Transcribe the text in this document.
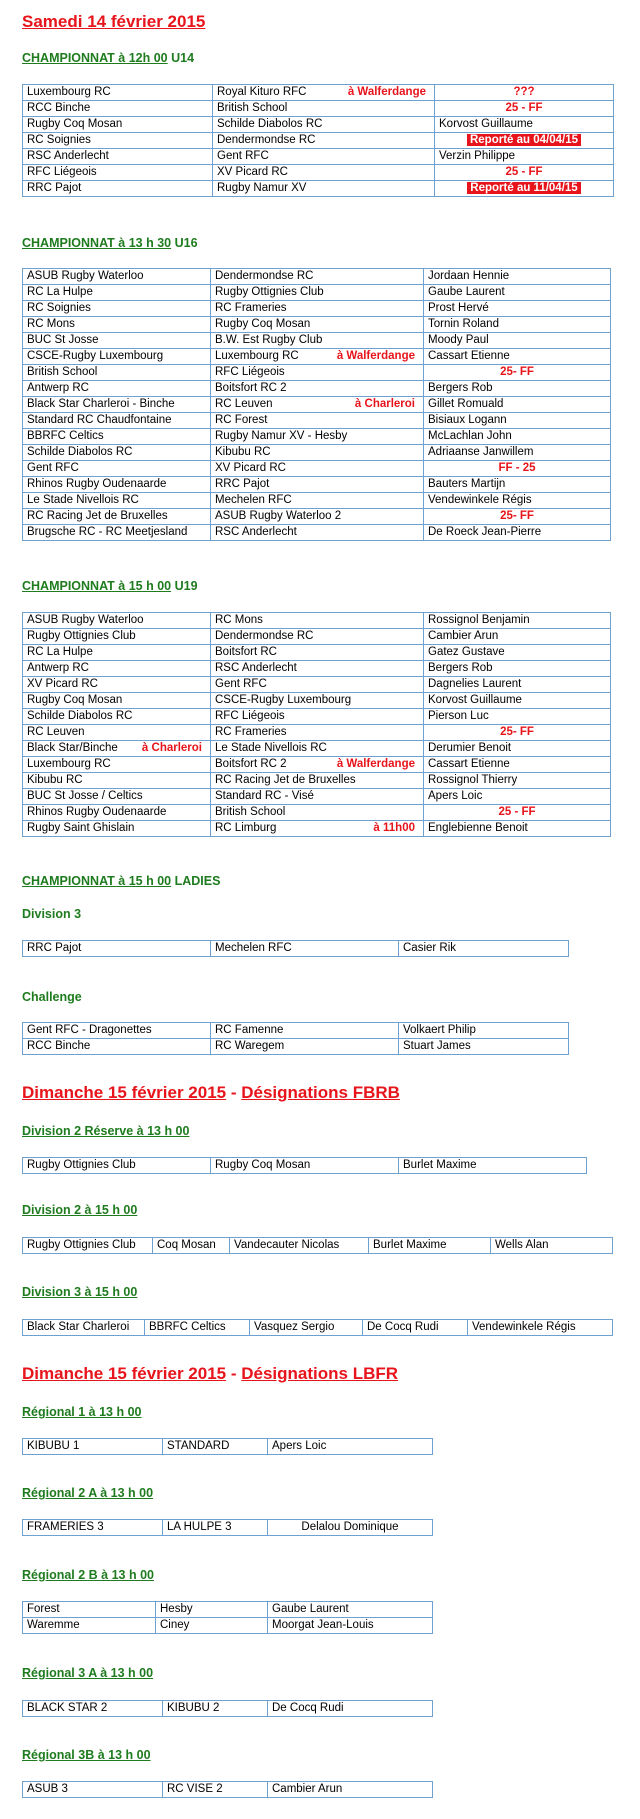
Samedi 14 février 2015
CHAMPIONNAT à 12h 00 U14
Luxembourg RC	Royal Kituro RFC à Walferdange	???
RCC Binche	British School	25 - FF
Rugby Coq Mosan	Schilde Diabolos RC	Korvost Guillaume
RC Soignies	Dendermondse RC	Reporté au 04/04/15
RSC Anderlecht	Gent RFC	Verzin Philippe
RFC Liégeois	XV Picard RC	25 - FF
RRC Pajot	Rugby Namur XV	Reporté au 11/04/15
CHAMPIONNAT à 13 h 30 U16
ASUB Rugby Waterloo	Dendermondse RC	Jordaan Hennie
RC La Hulpe	Rugby Ottignies Club	Gaube Laurent
RC Soignies	RC Frameries	Prost Hervé
RC Mons	Rugby Coq Mosan	Tornin Roland
BUC St Josse	B.W. Est Rugby Club	Moody Paul
CSCE-Rugby Luxembourg	Luxembourg RC à Walferdange	Cassart Etienne
British School	RFC Liégeois	25- FF
Antwerp RC	Boitsfort RC 2	Bergers Rob
Black Star Charleroi - Binche	RC Leuven à Charleroi	Gillet Romuald
Standard RC Chaudfontaine	RC Forest	Bisiaux Logann
BBRFC Celtics	Rugby Namur XV - Hesby	McLachlan John
Schilde Diabolos RC	Kibubu RC	Adriaanse Janwillem
Gent RFC	XV Picard RC	FF - 25
Rhinos Rugby Oudenaarde	RRC Pajot	Bauters Martijn
Le Stade Nivellois RC	Mechelen RFC	Vendewinkele Régis
RC Racing Jet de Bruxelles	ASUB Rugby Waterloo 2	25- FF
Brugsche RC - RC Meetjesland	RSC Anderlecht	De Roeck Jean-Pierre
CHAMPIONNAT à 15 h 00 U19
ASUB Rugby Waterloo	RC Mons	Rossignol Benjamin
Rugby Ottignies Club	Dendermondse RC	Cambier Arun
RC La Hulpe	Boitsfort RC	Gatez Gustave
Antwerp RC	RSC Anderlecht	Bergers Rob
XV Picard RC	Gent RFC	Dagnelies Laurent
Rugby Coq Mosan	CSCE-Rugby Luxembourg	Korvost Guillaume
Schilde Diabolos RC	RFC Liégeois	Pierson Luc
RC Leuven	RC Frameries	25- FF
Black Star/Binche à Charleroi	Le Stade Nivellois RC	Derumier Benoit
Luxembourg RC	Boitsfort RC 2 à Walferdange	Cassart Etienne
Kibubu RC	RC Racing Jet de Bruxelles	Rossignol Thierry
BUC St Josse / Celtics	Standard RC - Visé	Apers Loic
Rhinos Rugby Oudenaarde	British School	25 - FF
Rugby Saint Ghislain	RC Limburg à 11h00	Englebienne Benoit
CHAMPIONNAT à 15 h 00 LADIES
Division 3
RRC Pajot	Mechelen RFC	Casier Rik
Challenge
Gent RFC - Dragonettes	RC Famenne	Volkaert Philip
RCC Binche	RC Waregem	Stuart James
Dimanche 15 février 2015 - Désignations FBRB
Division 2 Réserve à 13 h 00
Rugby Ottignies Club	Rugby Coq Mosan	Burlet Maxime
Division 2 à 15 h 00
Rugby Ottignies Club	Coq Mosan	Vandecauter Nicolas	Burlet Maxime	Wells Alan
Division 3 à 15 h 00
Black Star Charleroi	BBRFC Celtics	Vasquez Sergio	De Cocq Rudi	Vendewinkele Régis
Dimanche 15 février 2015 - Désignations LBFR
Régional 1 à 13 h 00
KIBUBU 1	STANDARD	Apers Loic
Régional 2 A à 13 h 00
FRAMERIES 3	LA HULPE 3	Delalou Dominique
Régional 2 B à 13 h 00
Forest	Hesby	Gaube Laurent
Waremme	Ciney	Moorgat Jean-Louis
Régional 3 A à 13 h 00
BLACK STAR 2	KIBUBU 2	De Cocq Rudi
Régional 3B à 13 h 00
ASUB 3	RC VISE 2	Cambier Arun
